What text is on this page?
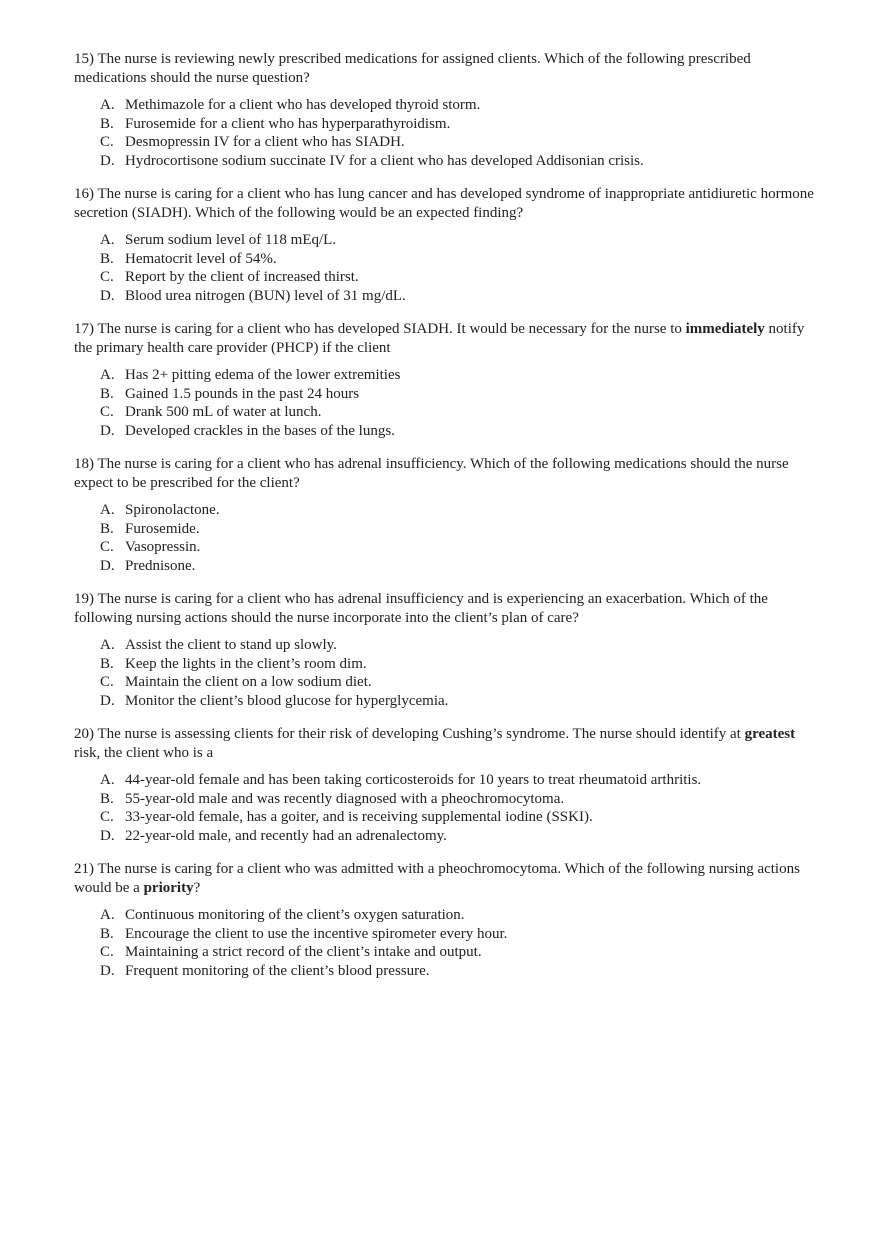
15) The nurse is reviewing newly prescribed medications for assigned clients. Which of the following prescribed medications should the nurse question?

A. Methimazole for a client who has developed thyroid storm.
B. Furosemide for a client who has hyperparathyroidism.
C. Desmopressin IV for a client who has SIADH.
D. Hydrocortisone sodium succinate IV for a client who has developed Addisonian crisis.

16) The nurse is caring for a client who has lung cancer and has developed syndrome of inappropriate antidiuretic hormone secretion (SIADH). Which of the following would be an expected finding?

A. Serum sodium level of 118 mEq/L.
B. Hematocrit level of 54%.
C. Report by the client of increased thirst.
D. Blood urea nitrogen (BUN) level of 31 mg/dL.

17) The nurse is caring for a client who has developed SIADH. It would be necessary for the nurse to immediately notify the primary health care provider (PHCP) if the client

A. Has 2+ pitting edema of the lower extremities
B. Gained 1.5 pounds in the past 24 hours
C. Drank 500 mL of water at lunch.
D. Developed crackles in the bases of the lungs.

18) The nurse is caring for a client who has adrenal insufficiency. Which of the following medications should the nurse expect to be prescribed for the client?

A. Spironolactone.
B. Furosemide.
C. Vasopressin.
D. Prednisone.

19) The nurse is caring for a client who has adrenal insufficiency and is experiencing an exacerbation. Which of the following nursing actions should the nurse incorporate into the client’s plan of care?

A. Assist the client to stand up slowly.
B. Keep the lights in the client’s room dim.
C. Maintain the client on a low sodium diet.
D. Monitor the client’s blood glucose for hyperglycemia.

20) The nurse is assessing clients for their risk of developing Cushing’s syndrome. The nurse should identify at greatest risk, the client who is a

A. 44-year-old female and has been taking corticosteroids for 10 years to treat rheumatoid arthritis.
B. 55-year-old male and was recently diagnosed with a pheochromocytoma.
C. 33-year-old female, has a goiter, and is receiving supplemental iodine (SSKI).
D. 22-year-old male, and recently had an adrenalectomy.

21) The nurse is caring for a client who was admitted with a pheochromocytoma. Which of the following nursing actions would be a priority?

A. Continuous monitoring of the client’s oxygen saturation.
B. Encourage the client to use the incentive spirometer every hour.
C. Maintaining a strict record of the client’s intake and output.
D. Frequent monitoring of the client’s blood pressure.
